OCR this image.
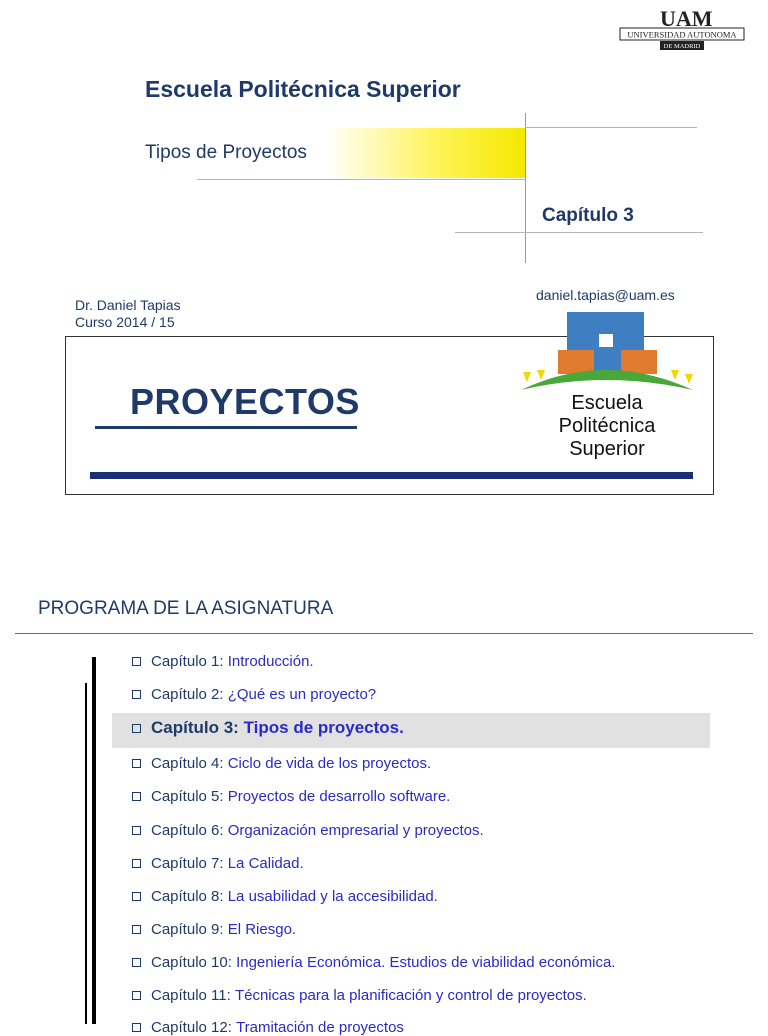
UAM
UNIVERSIDAD AUTONOMA
DE MADRID
Escuela Politécnica Superior
Tipos de Proyectos
Capítulo 3
Dr. Daniel Tapias
Curso 2014 / 15
daniel.tapias@uam.es
PROYECTOS	Escuela
Politécnica
Superior
PROGRAMA DE LA ASIGNATURA
Capítulo 1:
Introducción.
Capítulo 2:
¿Qué es un proyecto?
Capítulo 3:
Tipos de proyectos.
Capítulo 4:
Ciclo de vida de los proyectos.
Capítulo 5:
Proyectos de desarrollo software.
Capítulo 6:
Organización empresarial y proyectos.
Capítulo 7:
La Calidad.
Capítulo 8:
La usabilidad y la accesibilidad.
Capítulo 9:
El Riesgo.
Capítulo 10:
Ingeniería Económica. Estudios de viabilidad económica.
Capítulo 11:
Técnicas para la planificación y control de proyectos.
Capítulo 12:
Tramitación de proyectos
